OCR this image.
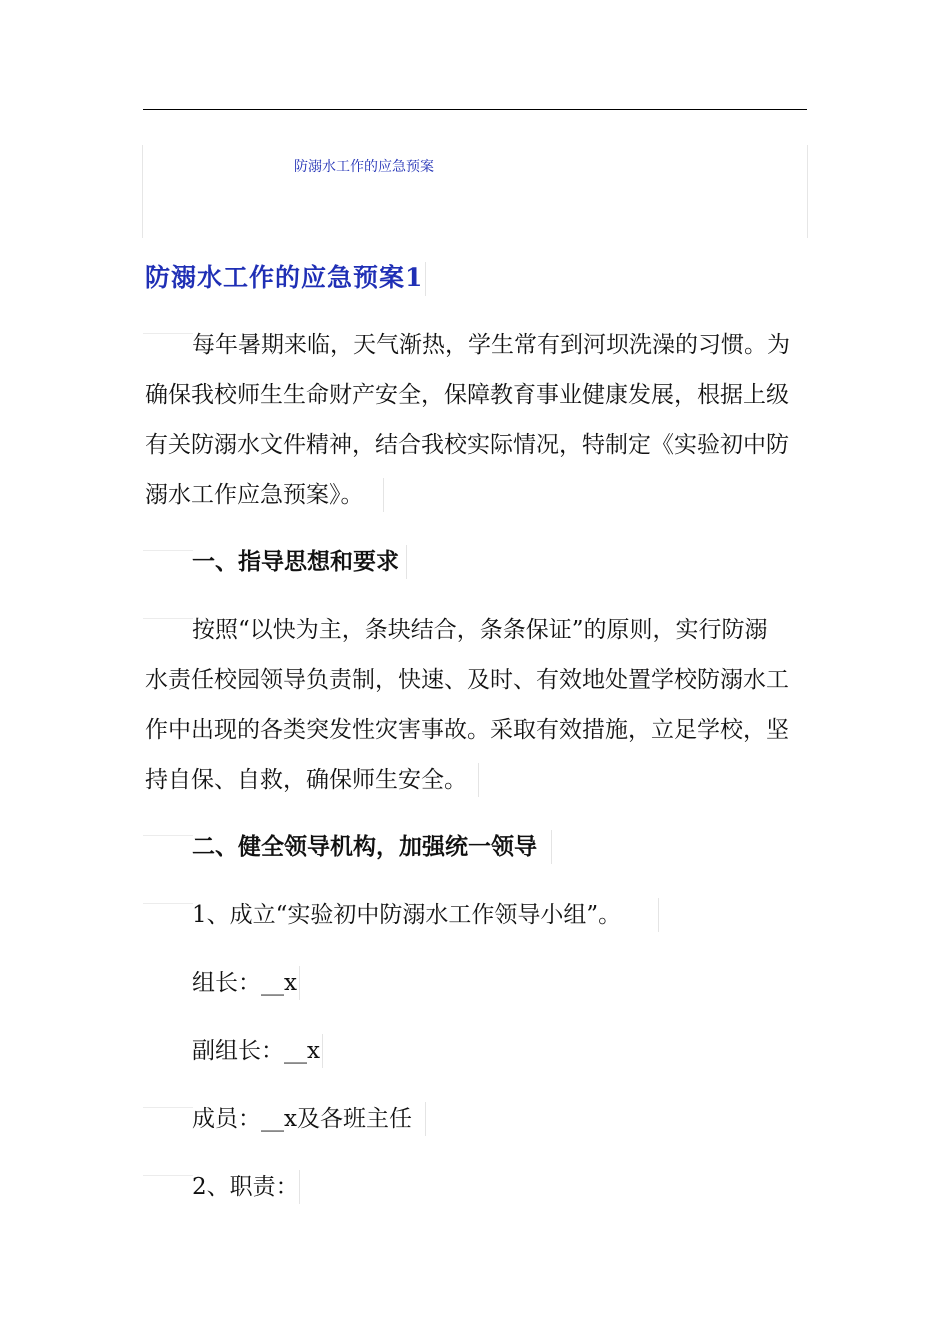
防溺水工作的应急预案
防溺水工作的应急预案1
每年暑期来临，天气渐热，学生常有到河坝洗澡的习惯。为
确保我校师生生命财产安全，保障教育事业健康发展，根据上级
有关防溺水文件精神，结合我校实际情况，特制定《实验初中防
溺水工作应急预案》。
一、指导思想和要求
按照“以快为主，条块结合，条条保证”的原则，实行防溺
水责任校园领导负责制，快速、及时、有效地处置学校防溺水工
作中出现的各类突发性灾害事故。采取有效措施，立足学校，坚
持自保、自救，确保师生安全。
二、健全领导机构，加强统一领导
1、成立“实验初中防溺水工作领导小组”。
组长：__x
副组长：__x
成员：__x及各班主任
2、职责：
